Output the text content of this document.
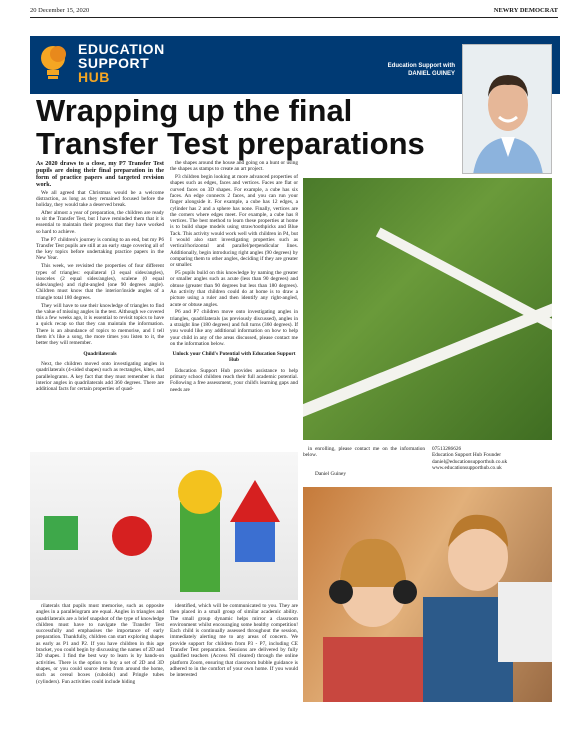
20 December 15, 2020	NEWRY DEMOCRAT
EDUCATION
SUPPORT
HUB
Education Support with
DANIEL GUINEY
Wrapping up the final Transfer Test preparations

As 2020 draws to a close, my P7 Transfer Test pupils are doing their final preparation in the form of practice papers and targeted revision work.

We all agreed that Christmas would be a welcome distraction, as long as they remained focused before the holiday, they would take a deserved break.

After almost a year of preparation, the children are ready to sit the Transfer Test, but I have reminded them that it is essential to maintain their progress that they have worked so hard to achieve.

The P7 children's journey is coming to an end, but my P6 Transfer Test pupils are still at an early stage covering all of the key topics before undertaking practice papers in the New Year.

This week, we revisited the properties of four different types of triangles: equilateral (3 equal sides/angles), isosceles (2 equal sides/angles), scalene (0 equal sides/angles) and right-angled (one 90 degrees angle). Children must know that the interior/inside angles of a triangle total 180 degrees.

They will have to use their knowledge of triangles to find the value of missing angles in the test. Although we covered this a few weeks ago, it is essential to revisit topics to have a quick recap so that they can maintain the information. There is an abundance of topics to memorise, and I tell them it's like a song, the more times you listen to it, the better they will remember.

Quadrilaterals

Next, the children moved onto investigating angles in quadrilaterals (4-sided shapes) such as rectangles, kites, and parallelograms. A key fact that they must remember is that interior angles in quadrilaterals add 360 degrees. There are additional facts for certain properties of quad-

the shapes around the house and going on a hunt or using the shapes as stamps to create an art project.

P3 children begin looking at more advanced properties of shapes such as edges, faces and vertices. Faces are flat or curved faces on 3D shapes. For example, a cube has six faces. An edge connects 2 faces, and you can run your finger alongside it. For example, a cube has 12 edges, a cylinder has 2 and a sphere has none. Finally, vertices are the corners where edges meet. For example, a cube has 8 vertices. The best method to learn these properties at home is to build shape models using straw/toothpicks and Blue Tack. This activity would work well with children in P4, but I would also start investigating properties such as vertical/horizontal and parallel/perpendicular lines. Additionally, begin introducing right angles (90 degrees) by comparing them to other angles, deciding if they are greater or smaller.

P5 pupils build on this knowledge by naming the greater or smaller angles such as acute (less than 90 degrees) and obtuse (greater than 90 degrees but less than 180 degrees). An activity that children could do at home is to draw a picture using a ruler and then identify any right-angled, acute or obtuse angles.

P6 and P7 children move onto investigating angles in triangles, quadrilaterals (as previously discussed), angles in a straight line (180 degrees) and full turns (360 degrees). If you would like any additional information on how to help your child in any of the areas discussed, please contact me on the information below.

Unlock your Child's Potential with Education Support Hub

Education Support Hub provides assistance to help primary school children reach their full academic potential. Following a free assessment, your child's learning gaps and needs are

rilaterals that pupils must memorise, such as opposite angles in a parallelogram are equal. Angles in triangles and quadrilaterals are a brief snapshot of the type of knowledge children must have to navigate the Transfer Test successfully and emphasises the importance of early preparation. Thankfully, children can start exploring shapes as early as P1 and P2. If you have children in this age bracket, you could begin by discussing the names of 2D and 3D shapes. I find the best way to learn is by hands-on activities. There is the option to buy a set of 2D and 3D shapes, or you could source items from around the home, such as cereal boxes (cuboids) and Pringle tubes (cylinders). Fun activities could include hiding

identified, which will be communicated to you. They are then placed in a small group of similar academic ability. The small group dynamic helps mirror a classroom environment whilst encouraging some healthy competition! Each child is continually assessed throughout the session, immediately alerting me to any areas of concern. We provide support for children from P3 - P7, including CE Transfer Test preparation. Sessions are delivered by fully qualified teachers (Access NI cleared) through the online platform Zoom, ensuring that classroom bubble guidance is adhered to in the comfort of your own home. If you would be interested

in enrolling, please contact me on the information below.

Daniel Guiney
07513286626
Education Support Hub Founder
daniel@educationsupporthub.co.uk
www.educationsupporthub.co.uk
